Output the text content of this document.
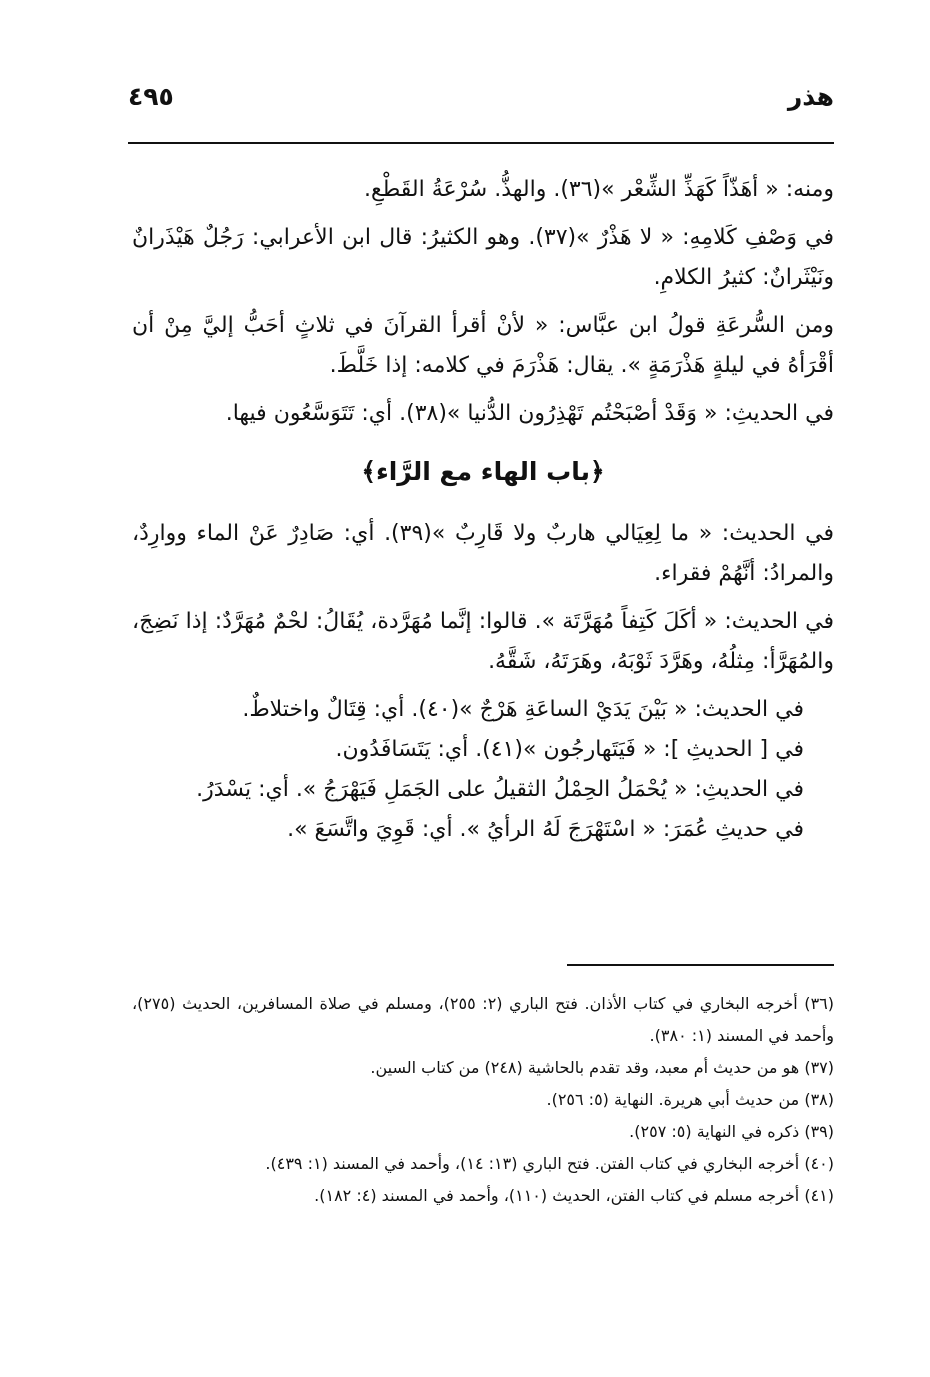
هذر
٤٩٥

ومنه: « أهَذّاً كَهَذِّ الشِّعْر »(٣٦). والهذُّ. سُرْعَةُ القَطْعِ.

في وَصْفِ كَلامِهِ: « لا هَذْرٌ »(٣٧). وهو الكثيرُ: قال ابن الأعرابي: رَجُلٌ هَيْذَرانٌ ونَيْثَرانٌ: كثيرُ الكلامِ.

ومن السُّرعَةِ قولُ ابن عبَّاس: « لأنْ أقرأ القرآنَ في ثلاثٍ أحَبُّ إليَّ مِنْ أن أقْرَأهُ في ليلةٍ هَذْرَمَةٍ ». يقال: هَذْرَمَ في كلامه: إذا خَلَّطَ.

في الحديثِ: « وَقَدْ أصْبَحْتُم تَهْذِرُون الدُّنيا »(٣٨). أي: تَتَوَسَّعُون فيها.

﴿باب الهاء مع الرَّاء﴾

في الحديث: « ما لِعِيَالي هاربٌ ولا قَارِبٌ »(٣٩). أي: صَادِرٌ عَنْ الماء ووارِدٌ، والمرادُ: أنَّهُمْ فقراء.

في الحديث: « أكَلَ كَتِفاً مُهَرَّتَة ». قالوا: إنَّما مُهَرَّدة، يُقَالُ: لحْمٌ مُهَرَّدٌ: إذا نَضِجَ، والمُهَرَّأ: مِثلُهُ، وهَرَّدَ ثَوْبَهُ، وهَرَتَهُ، شَقَّهُ.

في الحديث: « بَيْنَ يَدَيْ الساعَةِ هَرْجٌ »(٤٠). أي: قِتَالٌ واختلاطٌ.

في [ الحديثِ ]: « فَيَتَهارجُون »(٤١). أي: يَتَسَافَدُون.

في الحديثِ: « يُحْمَلُ الحِمْلُ الثقيلُ على الجَمَلِ فَيَهْرَجُ ». أي: يَسْدَرُ.

في حديثِ عُمَرَ: « اسْتَهْرَجَ لَهُ الرأيُ ». أي: قَوِيَ واتَّسَعَ ».

(٣٦) أخرجه البخاري في كتاب الأذان. فتح الباري (٢: ٢٥٥)، ومسلم في صلاة المسافرين، الحديث (٢٧٥)، وأحمد في المسند (١: ٣٨٠).

(٣٧) هو من حديث أم معبد، وقد تقدم بالحاشية (٢٤٨) من كتاب السين.

(٣٨) من حديث أبي هريرة. النهاية (٥: ٢٥٦).

(٣٩) ذكره في النهاية (٥: ٢٥٧).

(٤٠) أخرجه البخاري في كتاب الفتن. فتح الباري (١٣: ١٤)، وأحمد في المسند (١: ٤٣٩).

(٤١) أخرجه مسلم في كتاب الفتن، الحديث (١١٠)، وأحمد في المسند (٤: ١٨٢).
